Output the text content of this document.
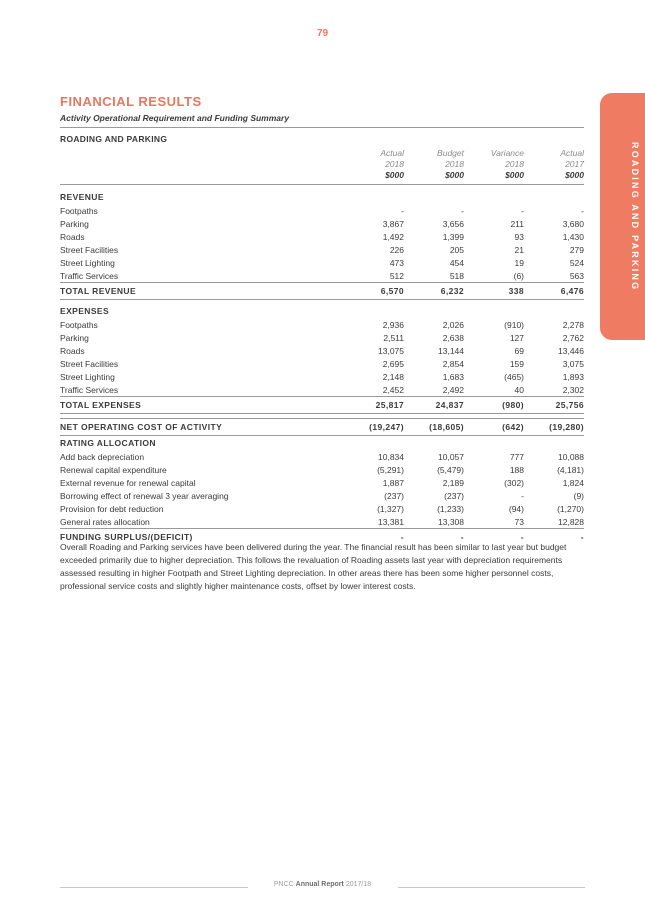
79
ROADING AND PARKING
FINANCIAL RESULTS
Activity Operational Requirement and Funding Summary
ROADING AND PARKING
	Actual	Budget	Variance	Actual
	2018	2018	2018	2017
	$000	$000	$000	$000

REVENUE				
Footpaths	-	-	-	-
Parking	3,867	3,656	211	3,680
Roads	1,492	1,399	93	1,430
Street Facilities	226	205	21	279
Street Lighting	473	454	19	524
Traffic Services	512	518	(6)	563
TOTAL REVENUE	6,570	6,232	338	6,476

EXPENSES				
Footpaths	2,936	2,026	(910)	2,278
Parking	2,511	2,638	127	2,762
Roads	13,075	13,144	69	13,446
Street Facilities	2,695	2,854	159	3,075
Street Lighting	2,148	1,683	(465)	1,893
Traffic Services	2,452	2,492	40	2,302
TOTAL EXPENSES	25,817	24,837	(980)	25,756

NET OPERATING COST OF ACTIVITY	(19,247)	(18,605)	(642)	(19,280)
RATING ALLOCATION				
Add back depreciation	10,834	10,057	777	10,088
Renewal capital expenditure	(5,291)	(5,479)	188	(4,181)
External revenue for renewal capital	1,887	2,189	(302)	1,824
Borrowing effect of renewal 3 year averaging	(237)	(237)	-	(9)
Provision for debt reduction	(1,327)	(1,233)	(94)	(1,270)
General rates allocation	13,381	13,308	73	12,828
FUNDING SURPLUS/(DEFICIT)	-	-	-	-

Overall Roading and Parking services have been delivered during the year. The financial result has been similar to last year but budget exceeded primarily due to higher depreciation. This follows the revaluation of Roading assets last year with depreciation requirements assessed resulting in higher Footpath and Street Lighting depreciation. In other areas there has been some higher personnel costs, professional service costs and slightly higher maintenance costs, offset by lower interest costs.

PNCC Annual Report 2017/18
